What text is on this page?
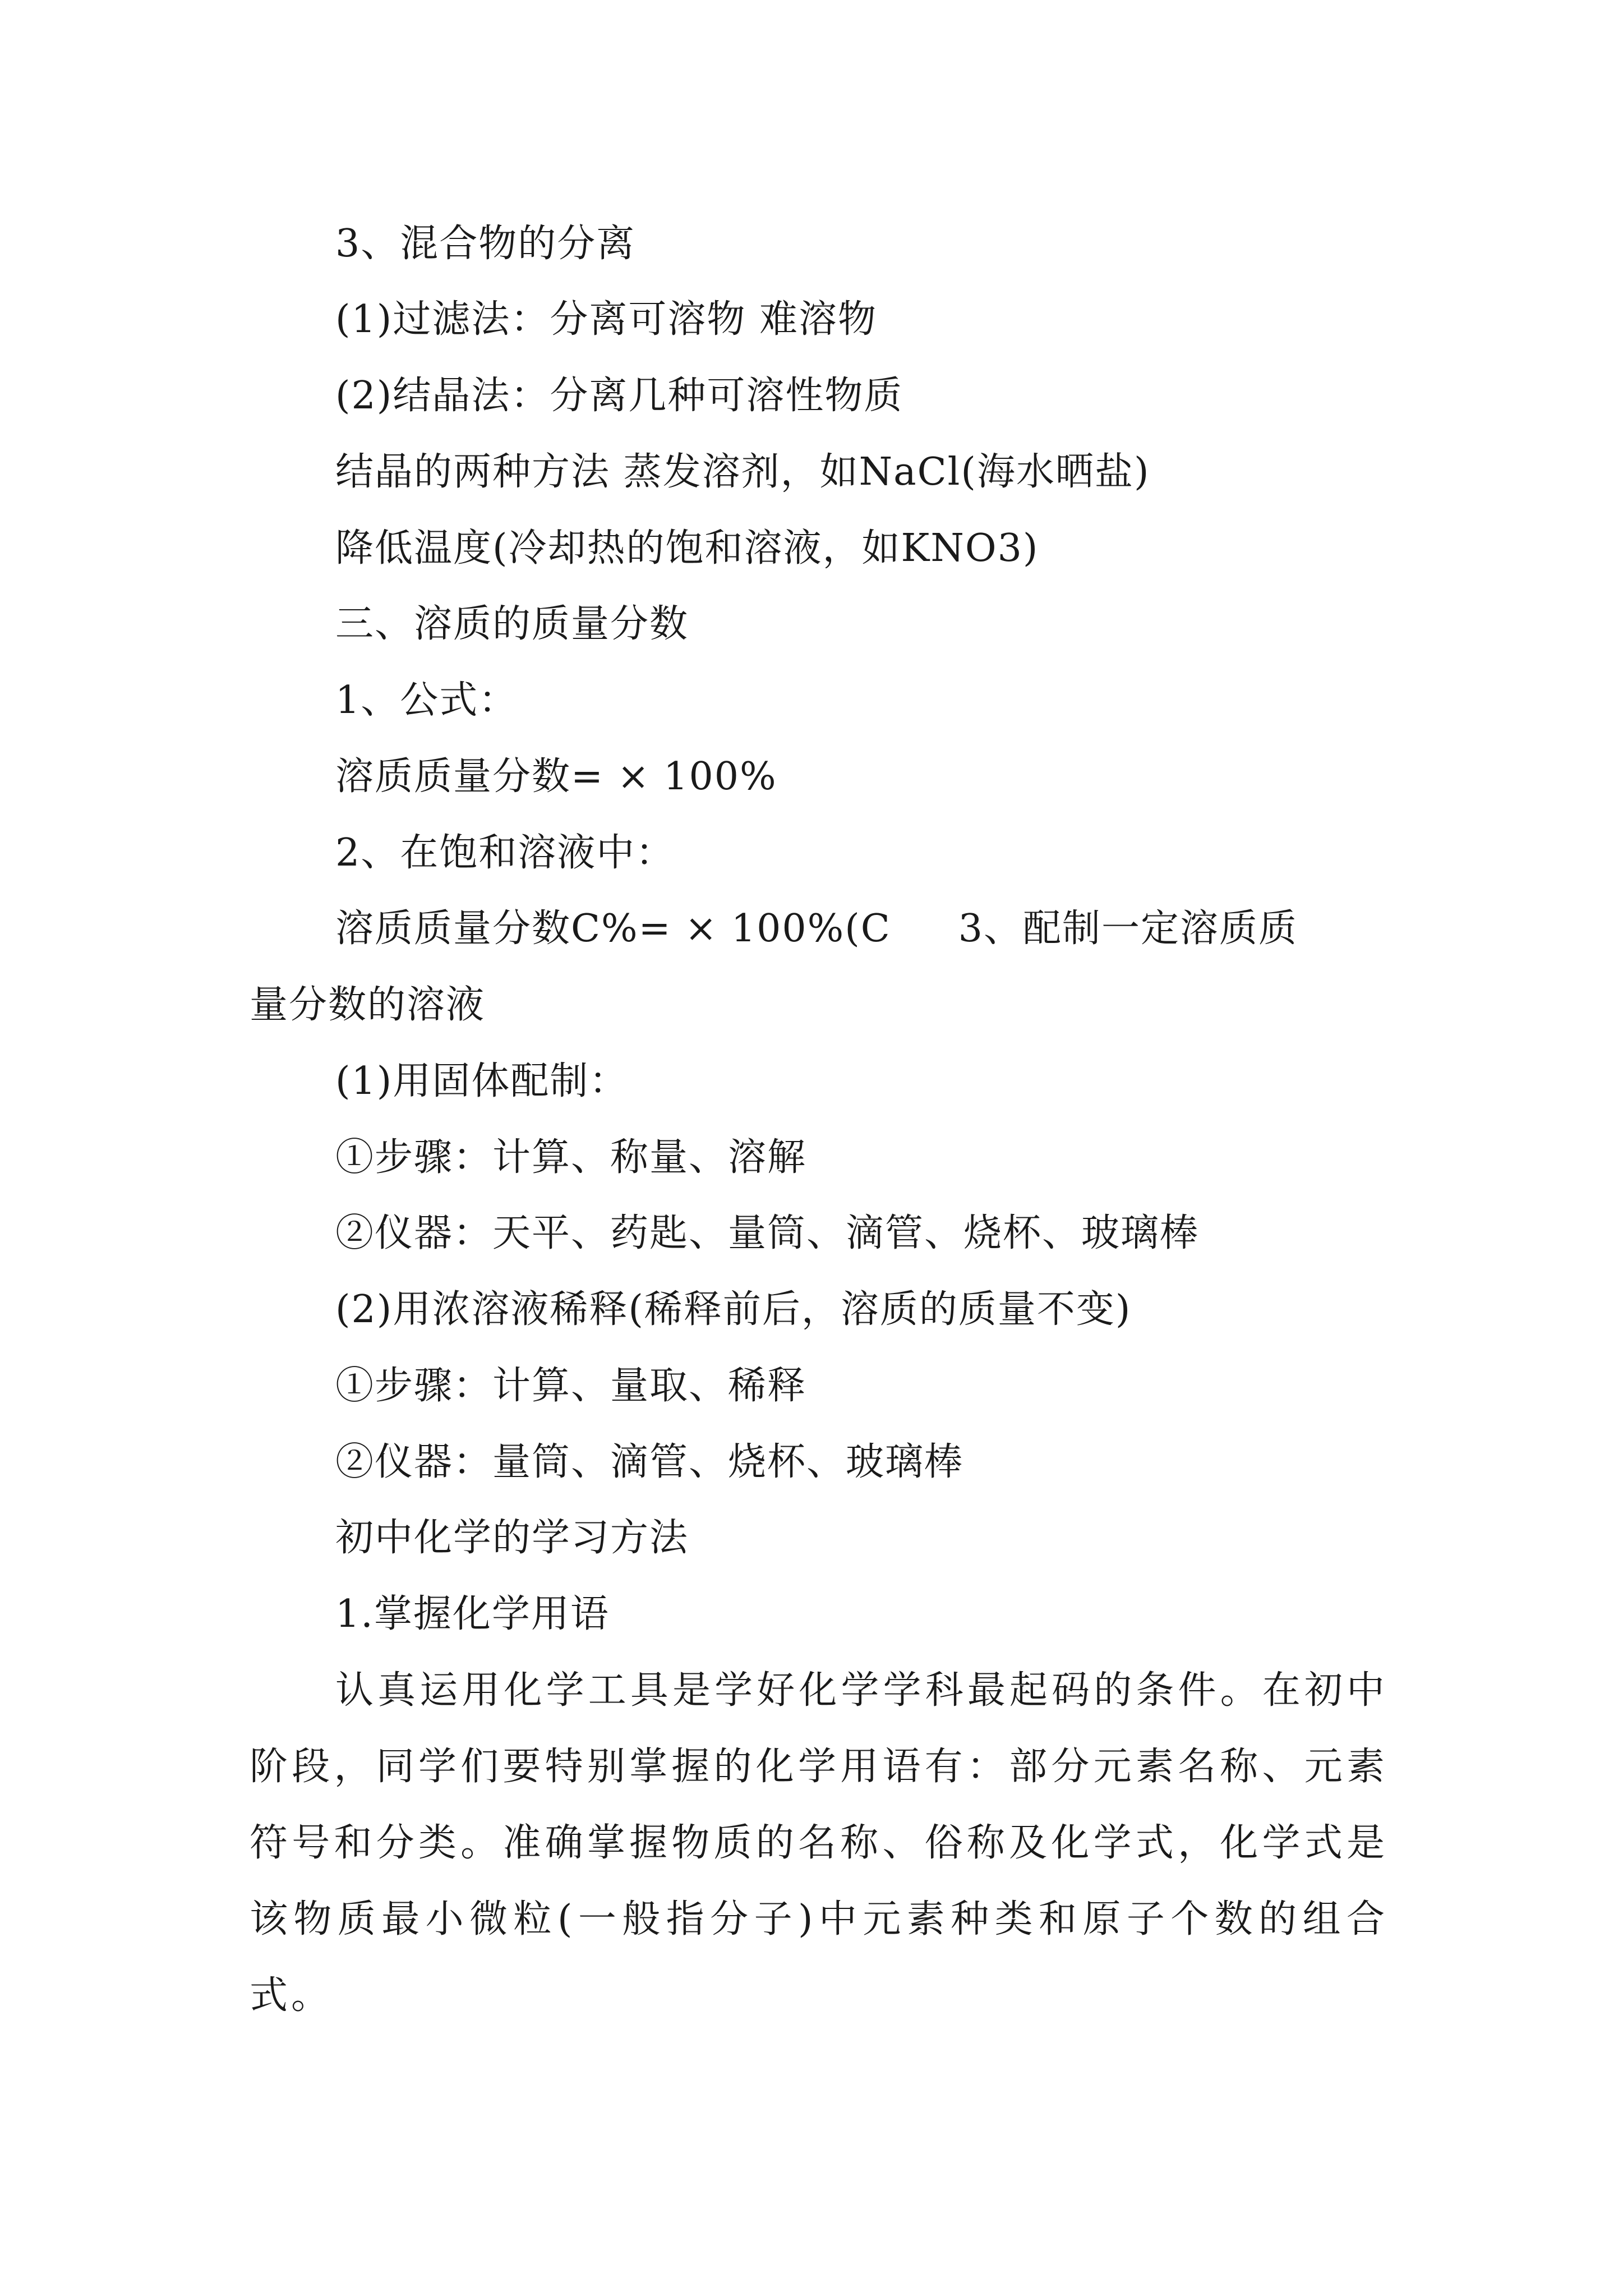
3、混合物的分离
(1)过滤法：分离可溶物 难溶物
(2)结晶法：分离几种可溶性物质
结晶的两种方法 蒸发溶剂，如NaCl(海水晒盐)
降低温度(冷却热的饱和溶液，如KNO3)
三、溶质的质量分数
1、公式：
溶质质量分数= × 100%
2、在饱和溶液中：
溶质质量分数C%= × 100%(C 3、配制一定溶质质
量分数的溶液
(1)用固体配制：
①步骤：计算、称量、溶解
②仪器：天平、药匙、量筒、滴管、烧杯、玻璃棒
(2)用浓溶液稀释(稀释前后，溶质的质量不变)
①步骤：计算、量取、稀释
②仪器：量筒、滴管、烧杯、玻璃棒
初中化学的学习方法
1.掌握化学用语
认真运用化学工具是学好化学学科最起码的条件。在初中阶段，同学们要特别掌握的化学用语有：部分元素名称、元素符号和分类。准确掌握物质的名称、俗称及化学式，化学式是该物质最小微粒(一般指分子)中元素种类和原子个数的组合式。
